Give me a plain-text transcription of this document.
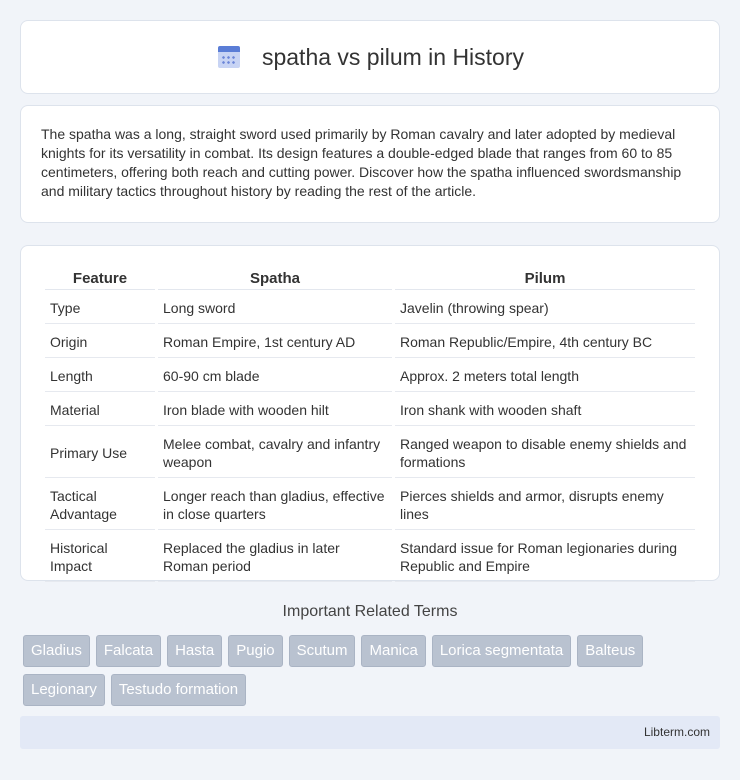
spatha vs pilum in History

The spatha was a long, straight sword used primarily by Roman cavalry and later adopted by medieval knights for its versatility in combat. Its design features a double-edged blade that ranges from 60 to 85 centimeters, offering both reach and cutting power. Discover how the spatha influenced swordsmanship and military tactics throughout history by reading the rest of the article.

Feature	Spatha	Pilum
Type	Long sword	Javelin (throwing spear)
Origin	Roman Empire, 1st century AD	Roman Republic/Empire, 4th century BC
Length	60-90 cm blade	Approx. 2 meters total length
Material	Iron blade with wooden hilt	Iron shank with wooden shaft
Primary Use	Melee combat, cavalry and infantry weapon	Ranged weapon to disable enemy shields and formations
Tactical Advantage	Longer reach than gladius, effective in close quarters	Pierces shields and armor, disrupts enemy lines
Historical Impact	Replaced the gladius in later Roman period	Standard issue for Roman legionaries during Republic and Empire
Important Related Terms
Gladius	Falcata	Hasta	Pugio	Scutum	Manica	Lorica segmentata	Balteus
Legionary	Testudo formation
Libterm.com
